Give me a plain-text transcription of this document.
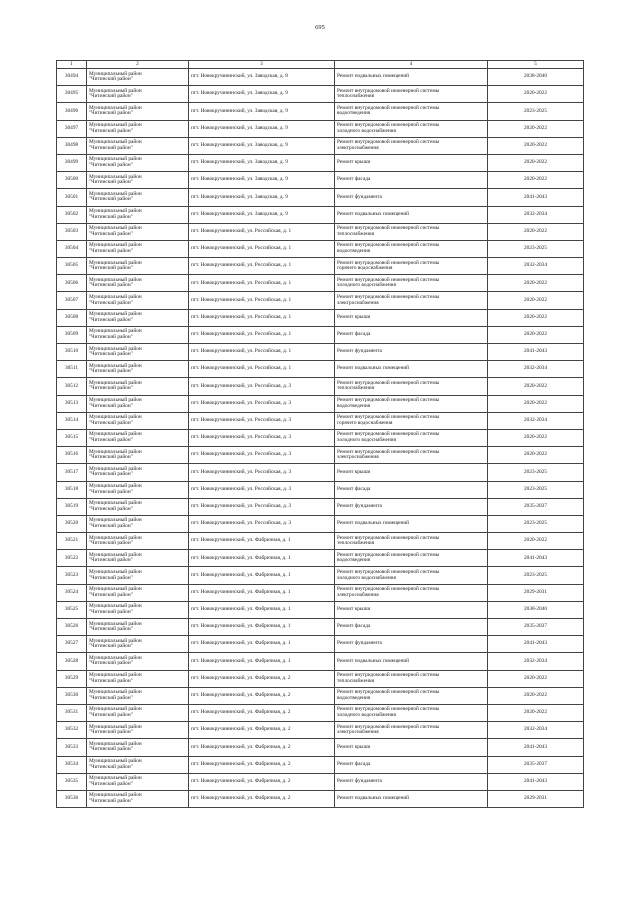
695
1	2	3	4	5

30494	Муниципальный район
"Читинский район"	пгт. Новокручининский, ул. Заводская, д. 8	Ремонт подвальных помещений	2038-2040

30495	Муниципальный район
"Читинский район"	пгт. Новокручининский, ул. Заводская, д. 9	Ремонт внутридомовой инженерной системы
теплоснабжения	2020-2022

30496	Муниципальный район
"Читинский район"	пгт. Новокручининский, ул. Заводская, д. 9	Ремонт внутридомовой инженерной системы
водоотведения	2023-2025

30497	Муниципальный район
"Читинский район"	пгт. Новокручининский, ул. Заводская, д. 9	Ремонт внутридомовой инженерной системы
холодного водоснабжения	2020-2022

30498	Муниципальный район
"Читинский район"	пгт. Новокручининский, ул. Заводская, д. 9	Ремонт внутридомовой инженерной системы
электроснабжения	2020-2022

30499	Муниципальный район
"Читинский район"	пгт. Новокручининский, ул. Заводская, д. 9	Ремонт крыши	2020-2022

30500	Муниципальный район
"Читинский район"	пгт. Новокручининский, ул. Заводская, д. 9	Ремонт фасада	2020-2022

30501	Муниципальный район
"Читинский район"	пгт. Новокручининский, ул. Заводская, д. 9	Ремонт фундамента	2041-2043

30502	Муниципальный район
"Читинский район"	пгт. Новокручининский, ул. Заводская, д. 9	Ремонт подвальных помещений	2032-2034

30503	Муниципальный район
"Читинский район"	пгт. Новокручининский, ул. Российская, д. 1	Ремонт внутридомовой инженерной системы
теплоснабжения	2020-2022

30504	Муниципальный район
"Читинский район"	пгт. Новокручининский, ул. Российская, д. 1	Ремонт внутридомовой инженерной системы
водоотведения	2023-2025

30505	Муниципальный район
"Читинский район"	пгт. Новокручининский, ул. Российская, д. 1	Ремонт внутридомовой инженерной системы
горячего водоснабжения	2032-2034

30506	Муниципальный район
"Читинский район"	пгт. Новокручининский, ул. Российская, д. 1	Ремонт внутридомовой инженерной системы
холодного водоснабжения	2020-2022

30507	Муниципальный район
"Читинский район"	пгт. Новокручининский, ул. Российская, д. 1	Ремонт внутридомовой инженерной системы
электроснабжения	2020-2022

30508	Муниципальный район
"Читинский район"	пгт. Новокручининский, ул. Российская, д. 1	Ремонт крыши	2020-2022

30509	Муниципальный район
"Читинский район"	пгт. Новокручининский, ул. Российская, д. 1	Ремонт фасада	2020-2022

30510	Муниципальный район
"Читинский район"	пгт. Новокручининский, ул. Российская, д. 1	Ремонт фундамента	2041-2043

30511	Муниципальный район
"Читинский район"	пгт. Новокручининский, ул. Российская, д. 1	Ремонт подвальных помещений	2032-2034

30512	Муниципальный район
"Читинский район"	пгт. Новокручининский, ул. Российская, д. 3	Ремонт внутридомовой инженерной системы
теплоснабжения	2020-2022

30513	Муниципальный район
"Читинский район"	пгт. Новокручининский, ул. Российская, д. 3	Ремонт внутридомовой инженерной системы
водоотведения	2020-2022

30514	Муниципальный район
"Читинский район"	пгт. Новокручининский, ул. Российская, д. 3	Ремонт внутридомовой инженерной системы
горячего водоснабжения	2032-2034

30515	Муниципальный район
"Читинский район"	пгт. Новокручининский, ул. Российская, д. 3	Ремонт внутридомовой инженерной системы
холодного водоснабжения	2020-2022

30516	Муниципальный район
"Читинский район"	пгт. Новокручининский, ул. Российская, д. 3	Ремонт внутридомовой инженерной системы
электроснабжения	2020-2022

30517	Муниципальный район
"Читинский район"	пгт. Новокручининский, ул. Российская, д. 3	Ремонт крыши	2023-2025

30518	Муниципальный район
"Читинский район"	пгт. Новокручининский, ул. Российская, д. 3	Ремонт фасада	2023-2025

30519	Муниципальный район
"Читинский район"	пгт. Новокручининский, ул. Российская, д. 3	Ремонт фундамента	2035-2037

30520	Муниципальный район
"Читинский район"	пгт. Новокручининский, ул. Российская, д. 3	Ремонт подвальных помещений	2023-2025

30521	Муниципальный район
"Читинский район"	пгт. Новокручининский, ул. Фабричная, д. 1	Ремонт внутридомовой инженерной системы
теплоснабжения	2020-2022

30522	Муниципальный район
"Читинский район"	пгт. Новокручининский, ул. Фабричная, д. 1	Ремонт внутридомовой инженерной системы
водоотведения	2041-2043

30523	Муниципальный район
"Читинский район"	пгт. Новокручининский, ул. Фабричная, д. 1	Ремонт внутридомовой инженерной системы
холодного водоснабжения	2023-2025

30524	Муниципальный район
"Читинский район"	пгт. Новокручининский, ул. Фабричная, д. 1	Ремонт внутридомовой инженерной системы
электроснабжения	2029-2031

30525	Муниципальный район
"Читинский район"	пгт. Новокручининский, ул. Фабричная, д. 1	Ремонт крыши	2038-2040

30526	Муниципальный район
"Читинский район"	пгт. Новокручининский, ул. Фабричная, д. 1	Ремонт фасада	2035-2037

30527	Муниципальный район
"Читинский район"	пгт. Новокручининский, ул. Фабричная, д. 1	Ремонт фундамента	2041-2043

30528	Муниципальный район
"Читинский район"	пгт. Новокручининский, ул. Фабричная, д. 1	Ремонт подвальных помещений	2032-2034

30529	Муниципальный район
"Читинский район"	пгт. Новокручининский, ул. Фабричная, д. 2	Ремонт внутридомовой инженерной системы
теплоснабжения	2020-2022

30530	Муниципальный район
"Читинский район"	пгт. Новокручининский, ул. Фабричная, д. 2	Ремонт внутридомовой инженерной системы
водоотведения	2020-2022

30531	Муниципальный район
"Читинский район"	пгт. Новокручининский, ул. Фабричная, д. 2	Ремонт внутридомовой инженерной системы
холодного водоснабжения	2020-2022

30532	Муниципальный район
"Читинский район"	пгт. Новокручининский, ул. Фабричная, д. 2	Ремонт внутридомовой инженерной системы
электроснабжения	2032-2034

30533	Муниципальный район
"Читинский район"	пгт. Новокручининский, ул. Фабричная, д. 2	Ремонт крыши	2041-2043

30534	Муниципальный район
"Читинский район"	пгт. Новокручининский, ул. Фабричная, д. 2	Ремонт фасада	2035-2037

30535	Муниципальный район
"Читинский район"	пгт. Новокручининский, ул. Фабричная, д. 2	Ремонт фундамента	2041-2043

30536	Муниципальный район
"Читинский район"	пгт. Новокручининский, ул. Фабричная, д. 2	Ремонт подвальных помещений	2029-2031
